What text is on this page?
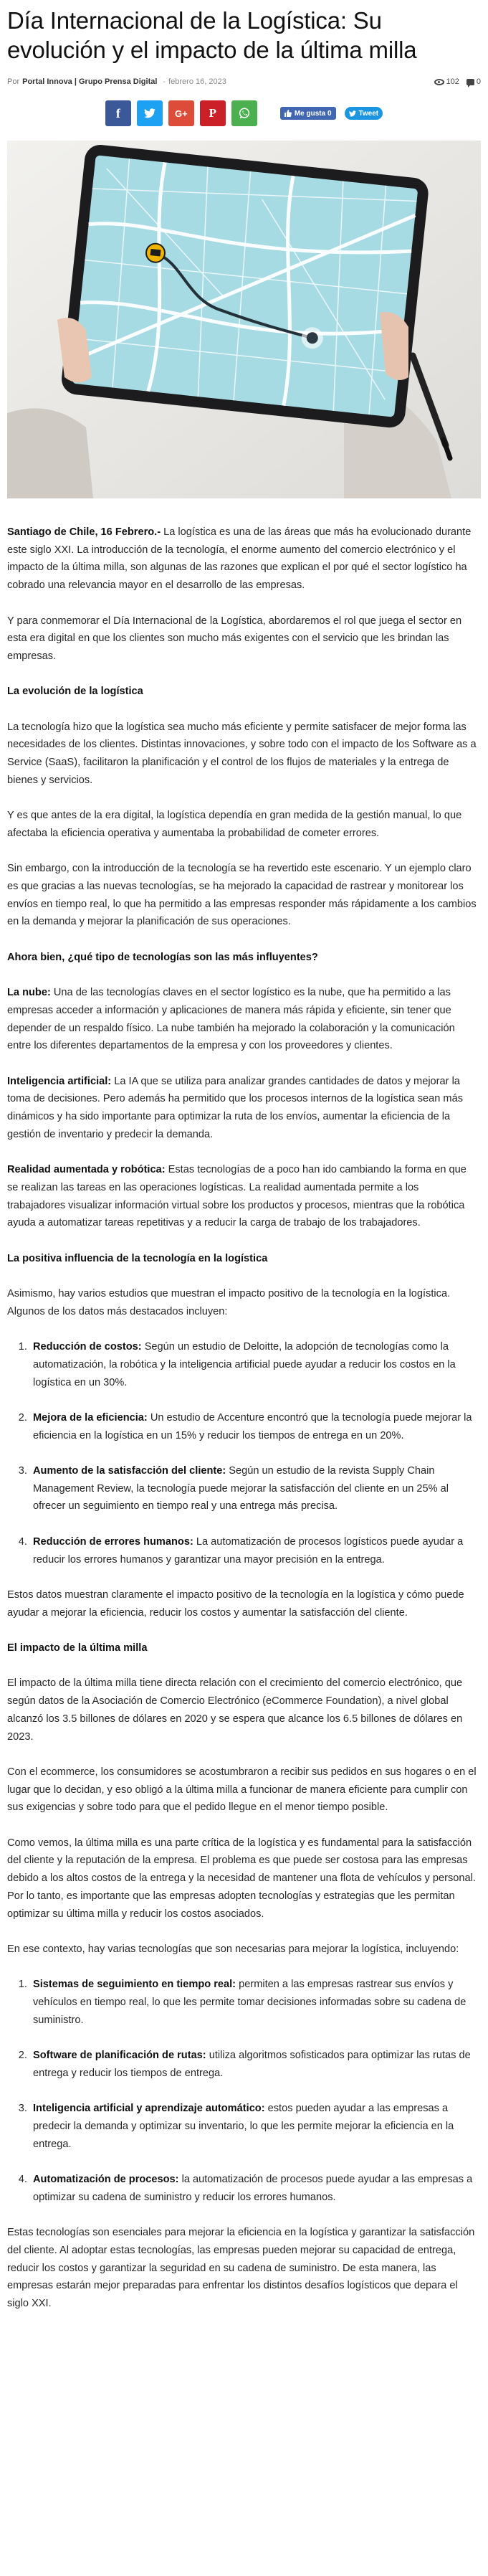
Día Internacional de la Logística: Su evolución y el impacto de la última milla
Por Portal Innova | Grupo Prensa Digital - febrero 16, 2023	102 0
f	G+ P	Me gusta 0	Tweet

Santiago de Chile, 16 Febrero.- La logística es una de las áreas que más ha evolucionado durante este siglo XXI. La introducción de la tecnología, el enorme aumento del comercio electrónico y el impacto de la última milla, son algunas de las razones que explican el por qué el sector logístico ha cobrado una relevancia mayor en el desarrollo de las empresas.

Y para conmemorar el Día Internacional de la Logística, abordaremos el rol que juega el sector en esta era digital en que los clientes son mucho más exigentes con el servicio que les brindan las empresas.

La evolución de la logística

La tecnología hizo que la logística sea mucho más eficiente y permite satisfacer de mejor forma las necesidades de los clientes. Distintas innovaciones, y sobre todo con el impacto de los Software as a Service (SaaS), facilitaron la planificación y el control de los flujos de materiales y la entrega de bienes y servicios.

Y es que antes de la era digital, la logística dependía en gran medida de la gestión manual, lo que afectaba la eficiencia operativa y aumentaba la probabilidad de cometer errores.

Sin embargo, con la introducción de la tecnología se ha revertido este escenario. Y un ejemplo claro es que gracias a las nuevas tecnologías, se ha mejorado la capacidad de rastrear y monitorear los envíos en tiempo real, lo que ha permitido a las empresas responder más rápidamente a los cambios en la demanda y mejorar la planificación de sus operaciones.

Ahora bien, ¿qué tipo de tecnologías son las más influyentes?

La nube: Una de las tecnologías claves en el sector logístico es la nube, que ha permitido a las empresas acceder a información y aplicaciones de manera más rápida y eficiente, sin tener que depender de un respaldo físico. La nube también ha mejorado la colaboración y la comunicación entre los diferentes departamentos de la empresa y con los proveedores y clientes.

Inteligencia artificial: La IA que se utiliza para analizar grandes cantidades de datos y mejorar la toma de decisiones. Pero además ha permitido que los procesos internos de la logística sean más dinámicos y ha sido importante para optimizar la ruta de los envíos, aumentar la eficiencia de la gestión de inventario y predecir la demanda.

Realidad aumentada y robótica: Estas tecnologías de a poco han ido cambiando la forma en que se realizan las tareas en las operaciones logísticas. La realidad aumentada permite a los trabajadores visualizar información virtual sobre los productos y procesos, mientras que la robótica ayuda a automatizar tareas repetitivas y a reducir la carga de trabajo de los trabajadores.

La positiva influencia de la tecnología en la logística

Asimismo, hay varios estudios que muestran el impacto positivo de la tecnología en la logística. Algunos de los datos más destacados incluyen:

1. Reducción de costos: Según un estudio de Deloitte, la adopción de tecnologías como la automatización, la robótica y la inteligencia artificial puede ayudar a reducir los costos en la logística en un 30%.
2. Mejora de la eficiencia: Un estudio de Accenture encontró que la tecnología puede mejorar la eficiencia en la logística en un 15% y reducir los tiempos de entrega en un 20%.
3. Aumento de la satisfacción del cliente: Según un estudio de la revista Supply Chain Management Review, la tecnología puede mejorar la satisfacción del cliente en un 25% al ofrecer un seguimiento en tiempo real y una entrega más precisa.
4. Reducción de errores humanos: La automatización de procesos logísticos puede ayudar a reducir los errores humanos y garantizar una mayor precisión en la entrega.

Estos datos muestran claramente el impacto positivo de la tecnología en la logística y cómo puede ayudar a mejorar la eficiencia, reducir los costos y aumentar la satisfacción del cliente.

El impacto de la última milla

El impacto de la última milla tiene directa relación con el crecimiento del comercio electrónico, que según datos de la Asociación de Comercio Electrónico (eCommerce Foundation), a nivel global alcanzó los 3.5 billones de dólares en 2020 y se espera que alcance los 6.5 billones de dólares en 2023.

Con el ecommerce, los consumidores se acostumbraron a recibir sus pedidos en sus hogares o en el lugar que lo decidan, y eso obligó a la última milla a funcionar de manera eficiente para cumplir con sus exigencias y sobre todo para que el pedido llegue en el menor tiempo posible.

Como vemos, la última milla es una parte crítica de la logística y es fundamental para la satisfacción del cliente y la reputación de la empresa. El problema es que puede ser costosa para las empresas debido a los altos costos de la entrega y la necesidad de mantener una flota de vehículos y personal. Por lo tanto, es importante que las empresas adopten tecnologías y estrategias que les permitan optimizar su última milla y reducir los costos asociados.

En ese contexto, hay varias tecnologías que son necesarias para mejorar la logística, incluyendo:

1. Sistemas de seguimiento en tiempo real: permiten a las empresas rastrear sus envíos y vehículos en tiempo real, lo que les permite tomar decisiones informadas sobre su cadena de suministro.
2. Software de planificación de rutas: utiliza algoritmos sofisticados para optimizar las rutas de entrega y reducir los tiempos de entrega.
3. Inteligencia artificial y aprendizaje automático: estos pueden ayudar a las empresas a predecir la demanda y optimizar su inventario, lo que les permite mejorar la eficiencia en la entrega.
4. Automatización de procesos: la automatización de procesos puede ayudar a las empresas a optimizar su cadena de suministro y reducir los errores humanos.

Estas tecnologías son esenciales para mejorar la eficiencia en la logística y garantizar la satisfacción del cliente. Al adoptar estas tecnologías, las empresas pueden mejorar su capacidad de entrega, reducir los costos y garantizar la seguridad en su cadena de suministro. De esta manera, las empresas estarán mejor preparadas para enfrentar los distintos desafíos logísticos que depara el siglo XXI.
